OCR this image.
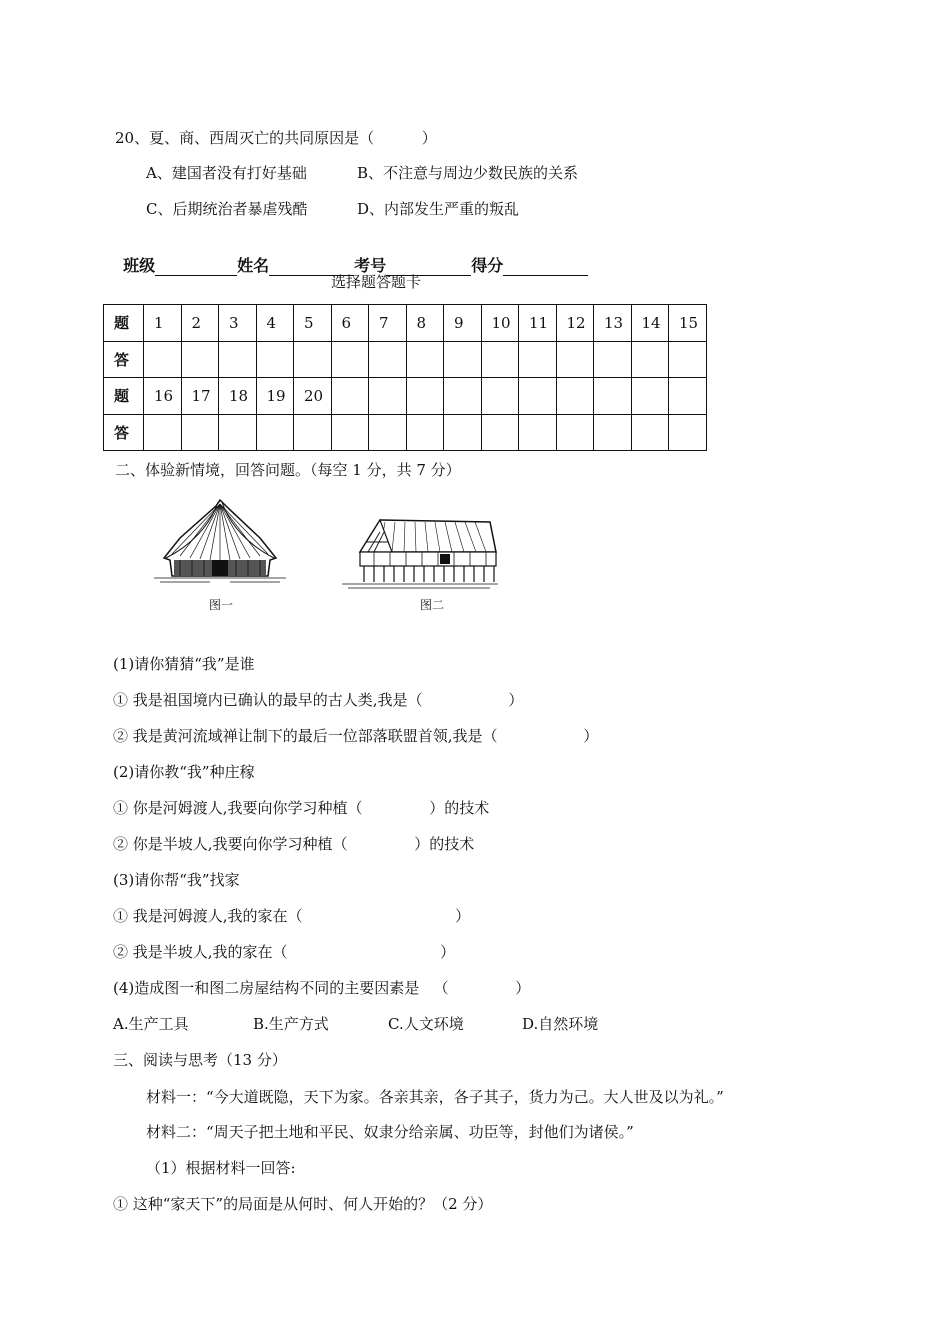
20、夏、商、西周灭亡的共同原因是（          ）
A、建国者没有打好基础	B、不注意与周边少数民族的关系
C、后期统治者暴虐残酷	D、内部发生严重的叛乱

班级	姓名	考号	得分

选择题答题卡
题	1	2	3	4	5	6	7	8	9	10	11	12	13	14	15
答															
题	16	17	18	19	20										
答															
二、体验新情境，回答问题。（每空 1 分，共 7 分）
图一	图二
(1)请你猜猜“我”是谁
① 我是祖国境内已确认的最早的古人类,我是（                  ）
② 我是黄河流域禅让制下的最后一位部落联盟首领,我是（                  ）
(2)请你教“我”种庄稼
① 你是河姆渡人,我要向你学习种植（              ）的技术
② 你是半坡人,我要向你学习种植（              ）的技术
(3)请你帮“我”找家
① 我是河姆渡人,我的家在（                                ）
② 我是半坡人,我的家在（                                ）
(4)造成图一和图二房屋结构不同的主要因素是   （              ）
A.生产工具	B.生产方式	C.人文环境	D.自然环境
三、阅读与思考（13 分）
材料一：“今大道既隐，天下为家。各亲其亲，各子其子，货力为己。大人世及以为礼。”
材料二：“周天子把土地和平民、奴隶分给亲属、功臣等，封他们为诸侯。”
（1）根据材料一回答:
① 这种“家天下”的局面是从何时、何人开始的？（2 分）
